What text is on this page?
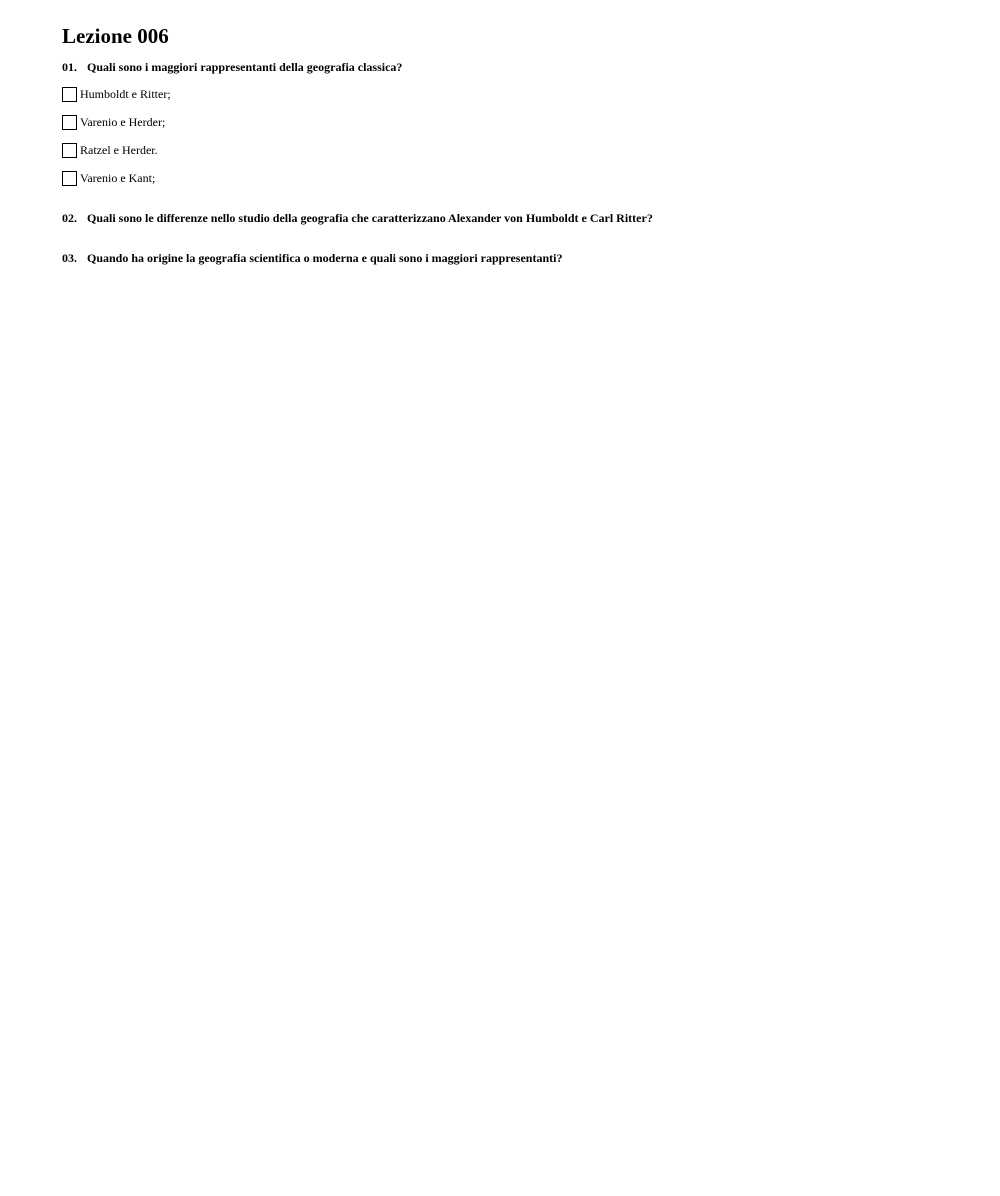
Lezione 006
01. Quali sono i maggiori rappresentanti della geografia classica?
Humboldt e Ritter;
Varenio e Herder;
Ratzel e Herder.
Varenio e Kant;
02. Quali sono le differenze nello studio della geografia che caratterizzano Alexander von Humboldt e Carl Ritter?
03. Quando ha origine la geografia scientifica o moderna e quali sono i maggiori rappresentanti?
